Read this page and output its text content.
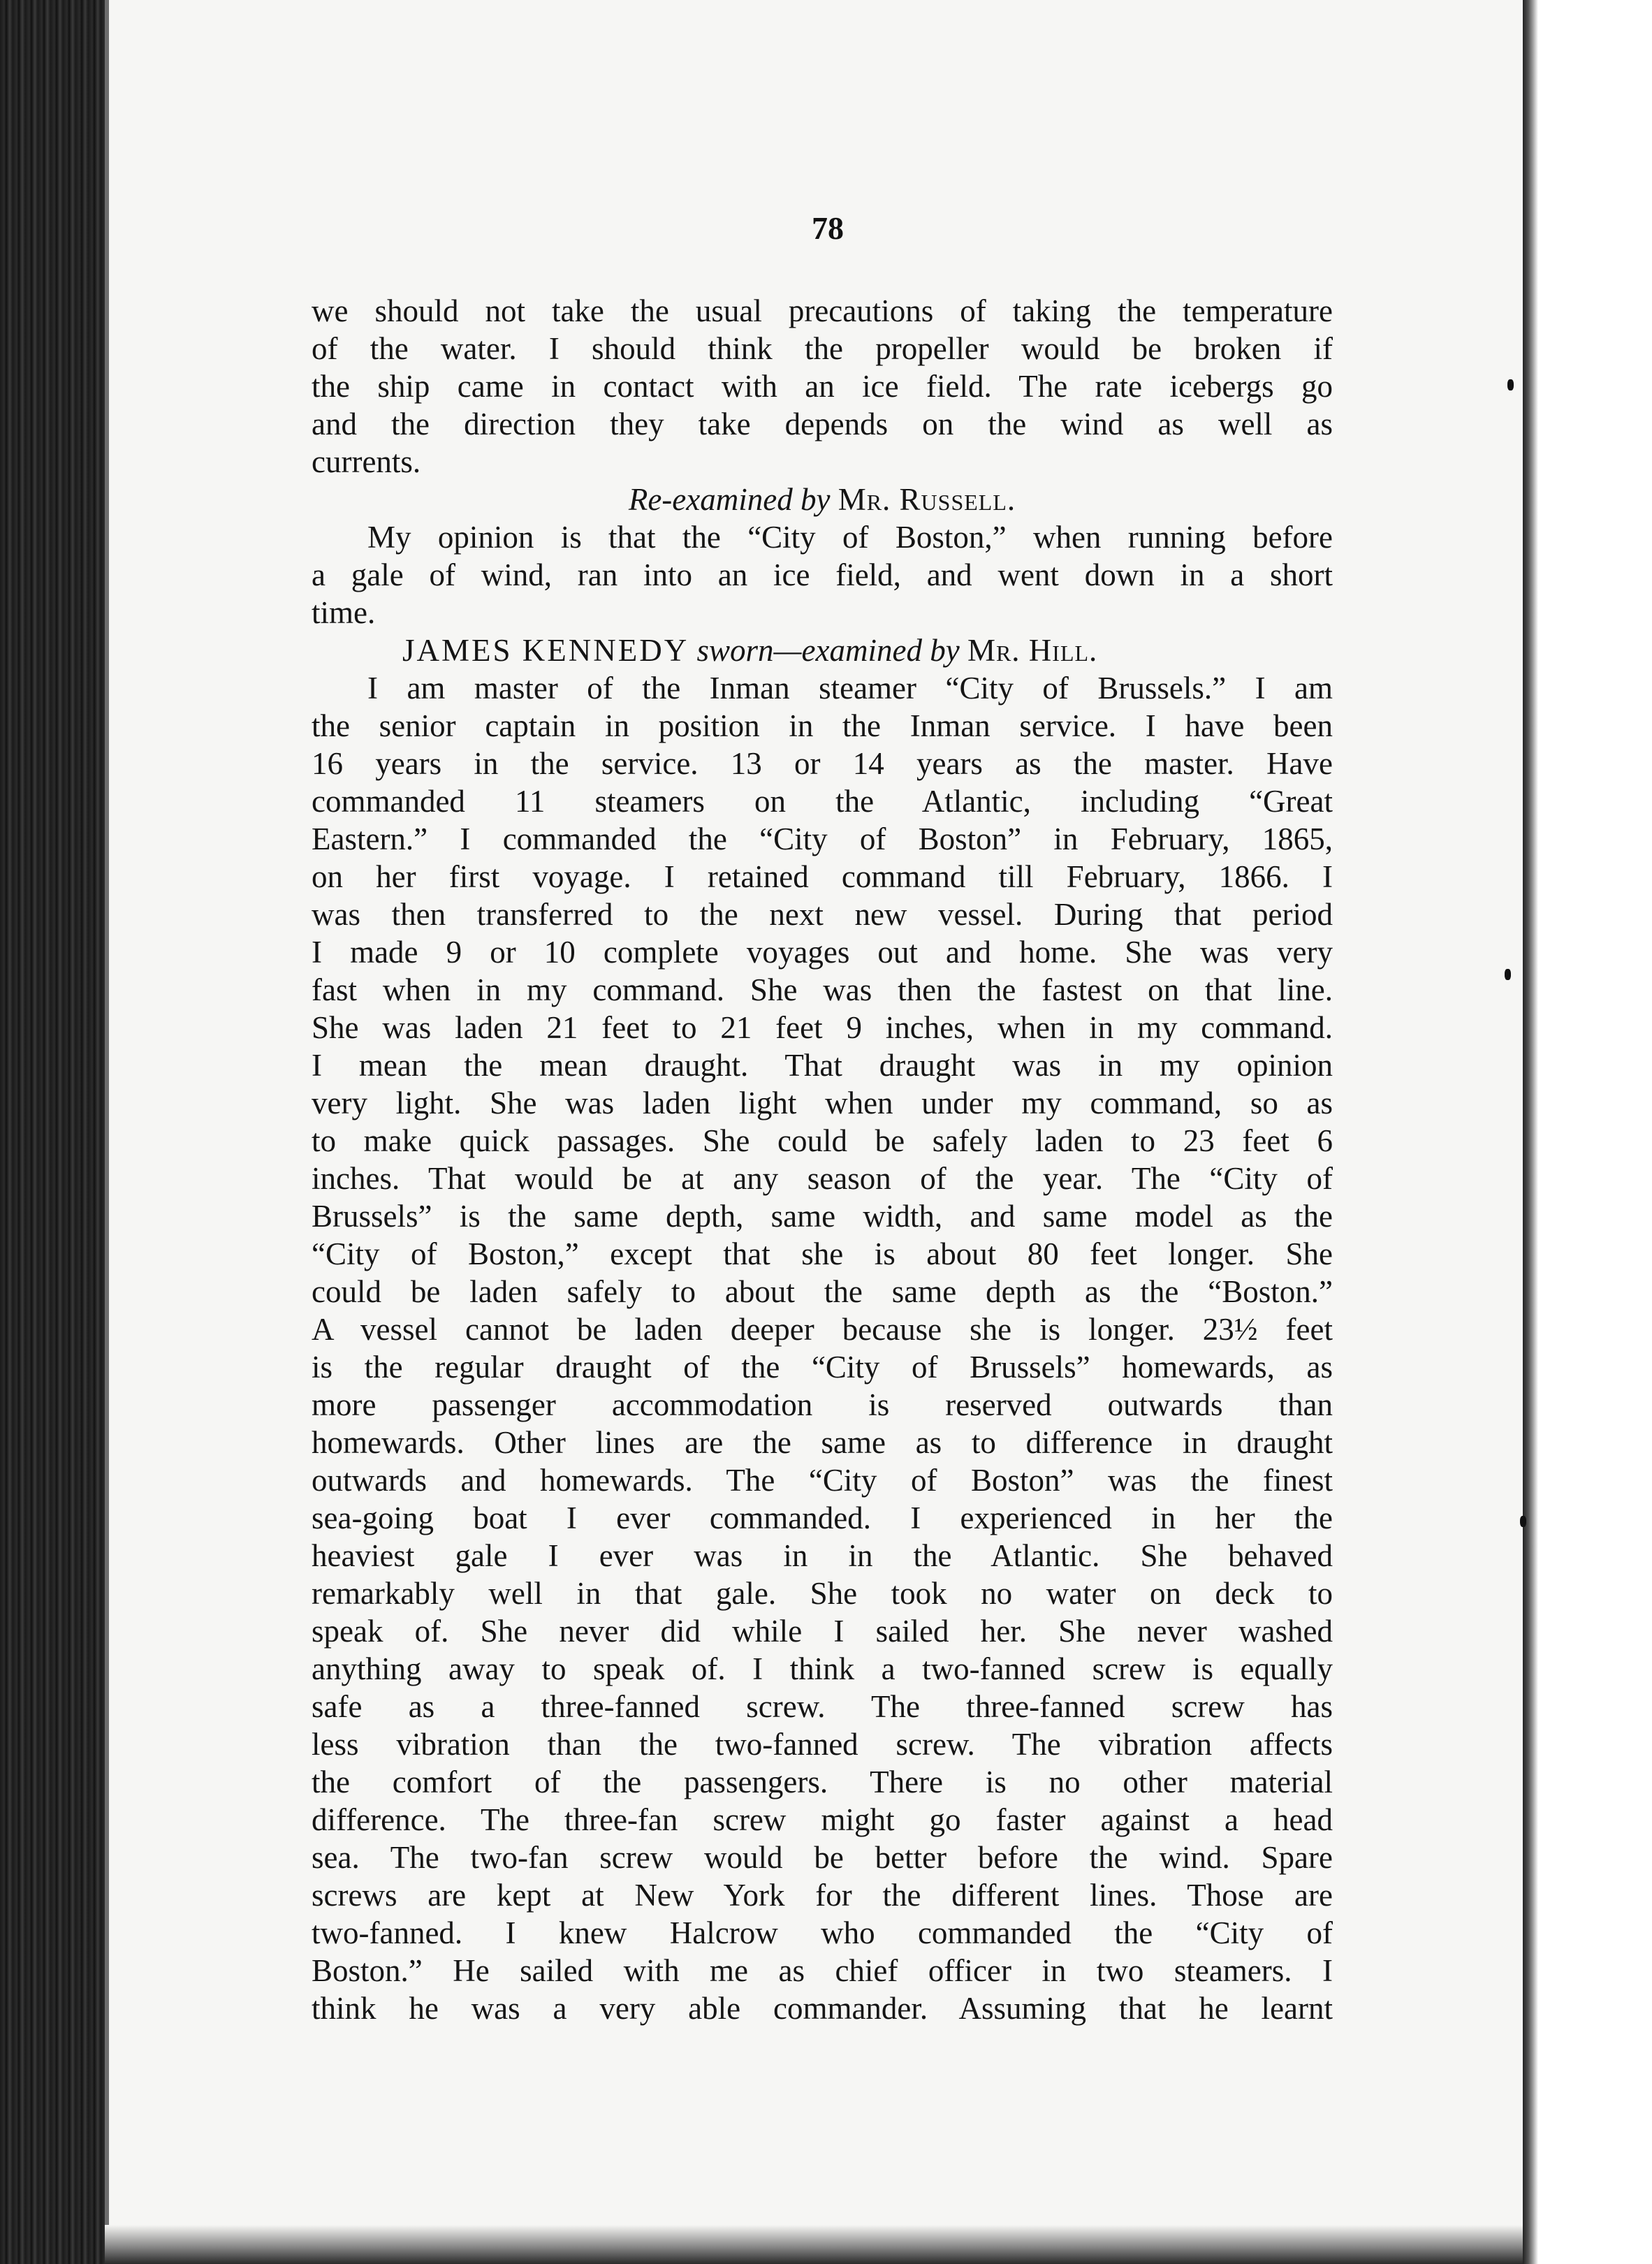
78
we should not take the usual precautions of taking the temperature
of the water. I should think the propeller would be broken if
the ship came in contact with an ice field. The rate icebergs go
and the direction they take depends on the wind as well as
currents.
Re-examined by Mr. Russell.
My opinion is that the “City of Boston,” when running before
a gale of wind, ran into an ice field, and went down in a short
time.
JAMES KENNEDY sworn—examined by Mr. Hill.
I am master of the Inman steamer “City of Brussels.” I am
the senior captain in position in the Inman service. I have been
16 years in the service. 13 or 14 years as the master. Have
commanded 11 steamers on the Atlantic, including “Great
Eastern.” I commanded the “City of Boston” in February, 1865,
on her first voyage. I retained command till February, 1866. I
was then transferred to the next new vessel. During that period
I made 9 or 10 complete voyages out and home. She was very
fast when in my command. She was then the fastest on that line.
She was laden 21 feet to 21 feet 9 inches, when in my command.
I mean the mean draught. That draught was in my opinion
very light. She was laden light when under my command, so as
to make quick passages. She could be safely laden to 23 feet 6
inches. That would be at any season of the year. The “City of
Brussels” is the same depth, same width, and same model as the
“City of Boston,” except that she is about 80 feet longer. She
could be laden safely to about the same depth as the “Boston.”
A vessel cannot be laden deeper because she is longer. 23½ feet
is the regular draught of the “City of Brussels” homewards, as
more passenger accommodation is reserved outwards than
homewards. Other lines are the same as to difference in draught
outwards and homewards. The “City of Boston” was the finest
sea-going boat I ever commanded. I experienced in her the
heaviest gale I ever was in in the Atlantic. She behaved
remarkably well in that gale. She took no water on deck to
speak of. She never did while I sailed her. She never washed
anything away to speak of. I think a two-fanned screw is equally
safe as a three-fanned screw. The three-fanned screw has
less vibration than the two-fanned screw. The vibration affects
the comfort of the passengers. There is no other material
difference. The three-fan screw might go faster against a head
sea. The two-fan screw would be better before the wind. Spare
screws are kept at New York for the different lines. Those are
two-fanned. I knew Halcrow who commanded the “City of
Boston.” He sailed with me as chief officer in two steamers. I
think he was a very able commander. Assuming that he learnt
